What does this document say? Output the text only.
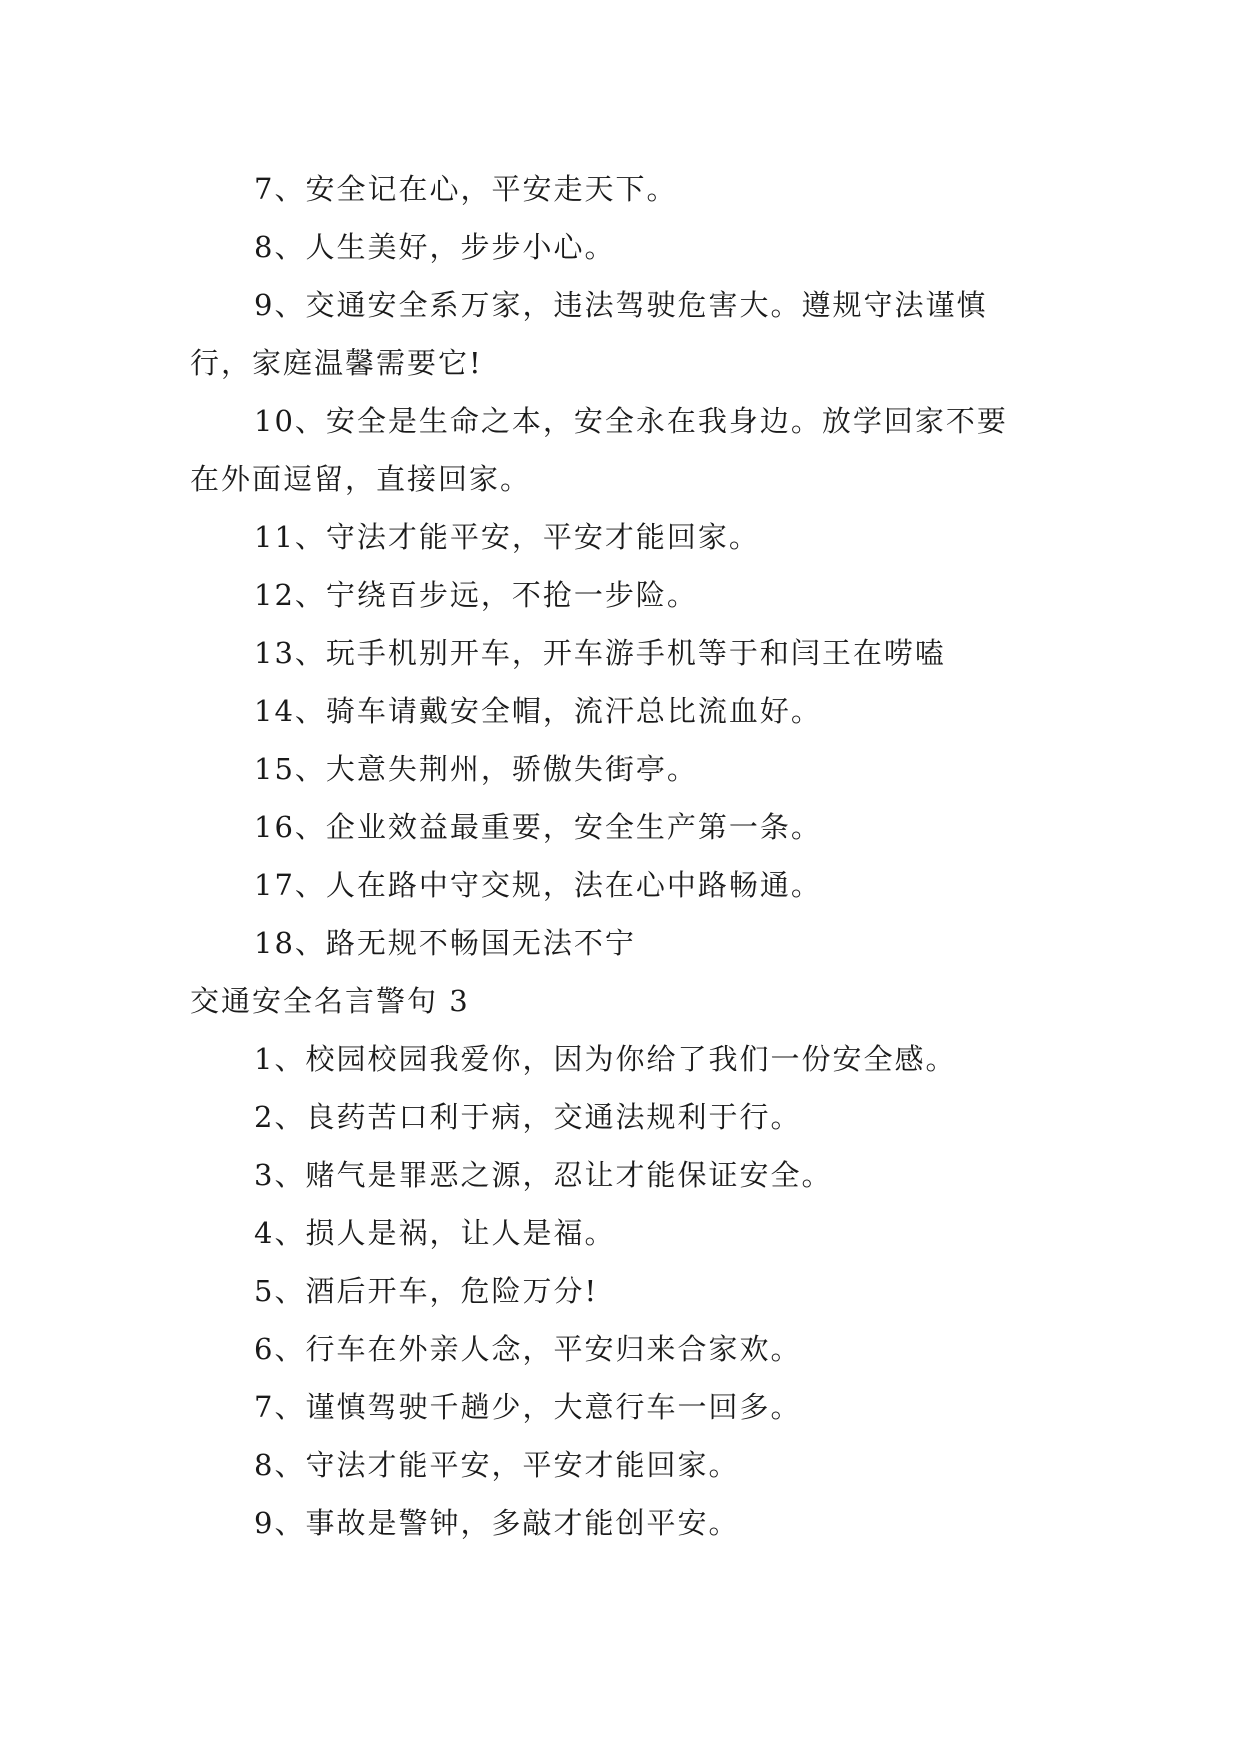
7、安全记在心，平安走天下。

8、人生美好，步步小心。

9、交通安全系万家，违法驾驶危害大。遵规守法谨慎

行，家庭温馨需要它!

10、安全是生命之本，安全永在我身边。放学回家不要

在外面逗留，直接回家。

11、守法才能平安，平安才能回家。

12、宁绕百步远，不抢一步险。

13、玩手机别开车，开车游手机等于和闫王在唠嗑

14、骑车请戴安全帽，流汗总比流血好。

15、大意失荆州，骄傲失街亭。

16、企业效益最重要，安全生产第一条。

17、人在路中守交规，法在心中路畅通。

18、路无规不畅国无法不宁

交通安全名言警句 3

1、校园校园我爱你，因为你给了我们一份安全感。

2、良药苦口利于病，交通法规利于行。

3、赌气是罪恶之源，忍让才能保证安全。

4、损人是祸，让人是福。

5、酒后开车，危险万分!

6、行车在外亲人念，平安归来合家欢。

7、谨慎驾驶千趟少，大意行车一回多。

8、守法才能平安，平安才能回家。

9、事故是警钟，多敲才能创平安。
